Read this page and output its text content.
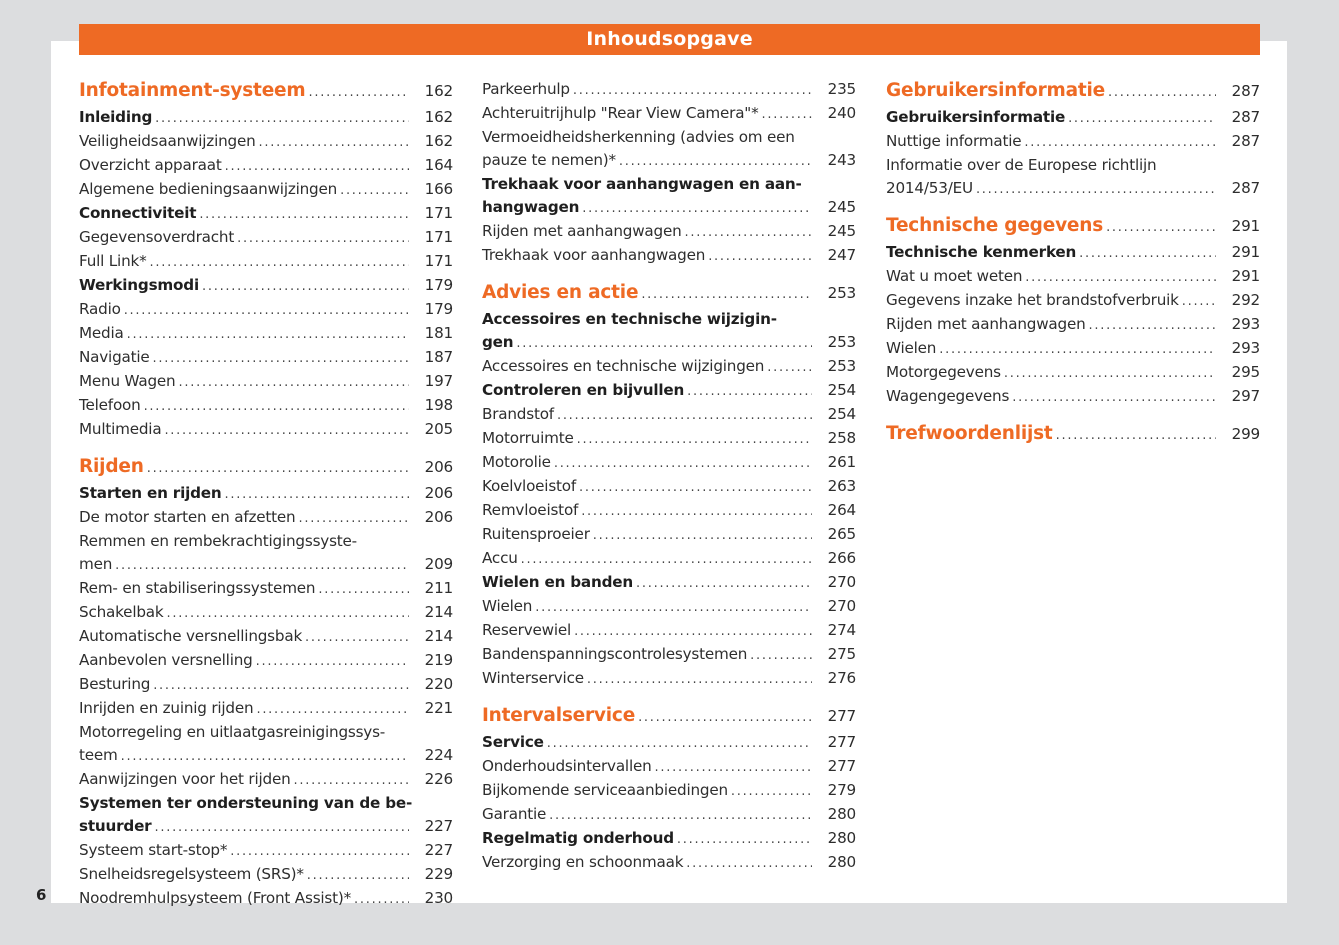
Inhoudsopgave
Infotainment-systeem . . .	162
Inleiding . . .	162
Veiligheidsaanwijzingen . . .	162
Overzicht apparaat . . .	164
Algemene bedieningsaanwijzingen . . .	166
Connectiviteit . . .	171
Gegevensoverdracht . . .	171
Full Link* . . .	171
Werkingsmodi . . .	179
Radio . . .	179
Media . . .	181
Navigatie . . .	187
Menu Wagen . . .	197
Telefoon . . .	198
Multimedia . . .	205
Rijden . . .	206
Starten en rijden . . .	206
De motor starten en afzetten . . .	206
Remmen en rembekrachtigingssyste-
men . . .	209
Rem- en stabiliseringssystemen . . .	211
Schakelbak . . .	214
Automatische versnellingsbak . . .	214
Aanbevolen versnelling . . .	219
Besturing . . .	220
Inrijden en zuinig rijden . . .	221
Motorregeling en uitlaatgasreinigingssys-
teem . . .	224
Aanwijzingen voor het rijden . . .	226
Systemen ter ondersteuning van de be-
stuurder . . .	227
Systeem start-stop* . . .	227
Snelheidsregelsysteem (SRS)* . . .	229
Noodremhulpsysteem (Front Assist)* . . .	230
Parkeerhulp . . .	235
Achteruitrijhulp "Rear View Camera"* . . .	240
Vermoeidheidsherkenning (advies om een
pauze te nemen)* . . .	243
Trekhaak voor aanhangwagen en aan-
hangwagen . . .	245
Rijden met aanhangwagen . . .	245
Trekhaak voor aanhangwagen . . .	247
Advies en actie . . .	253
Accessoires en technische wijzigin-
gen . . .	253
Accessoires en technische wijzigingen . . .	253
Controleren en bijvullen . . .	254
Brandstof . . .	254
Motorruimte . . .	258
Motorolie . . .	261
Koelvloeistof . . .	263
Remvloeistof . . .	264
Ruitensproeier . . .	265
Accu . . .	266
Wielen en banden . . .	270
Wielen . . .	270
Reservewiel . . .	274
Bandenspanningscontrolesystemen . . .	275
Winterservice . . .	276
Intervalservice . . .	277
Service . . .	277
Onderhoudsintervallen . . .	277
Bijkomende serviceaanbiedingen . . .	279
Garantie . . .	280
Regelmatig onderhoud . . .	280
Verzorging en schoonmaak . . .	280
Gebruikersinformatie . . .	287
Gebruikersinformatie . . .	287
Nuttige informatie . . .	287
Informatie over de Europese richtlijn
2014/53/EU . . .	287
Technische gegevens . . .	291
Technische kenmerken . . .	291
Wat u moet weten . . .	291
Gegevens inzake het brandstofverbruik . . .	292
Rijden met aanhangwagen . . .	293
Wielen . . .	293
Motorgegevens . . .	295
Wagengegevens . . .	297
Trefwoordenlijst . . .	299
6
